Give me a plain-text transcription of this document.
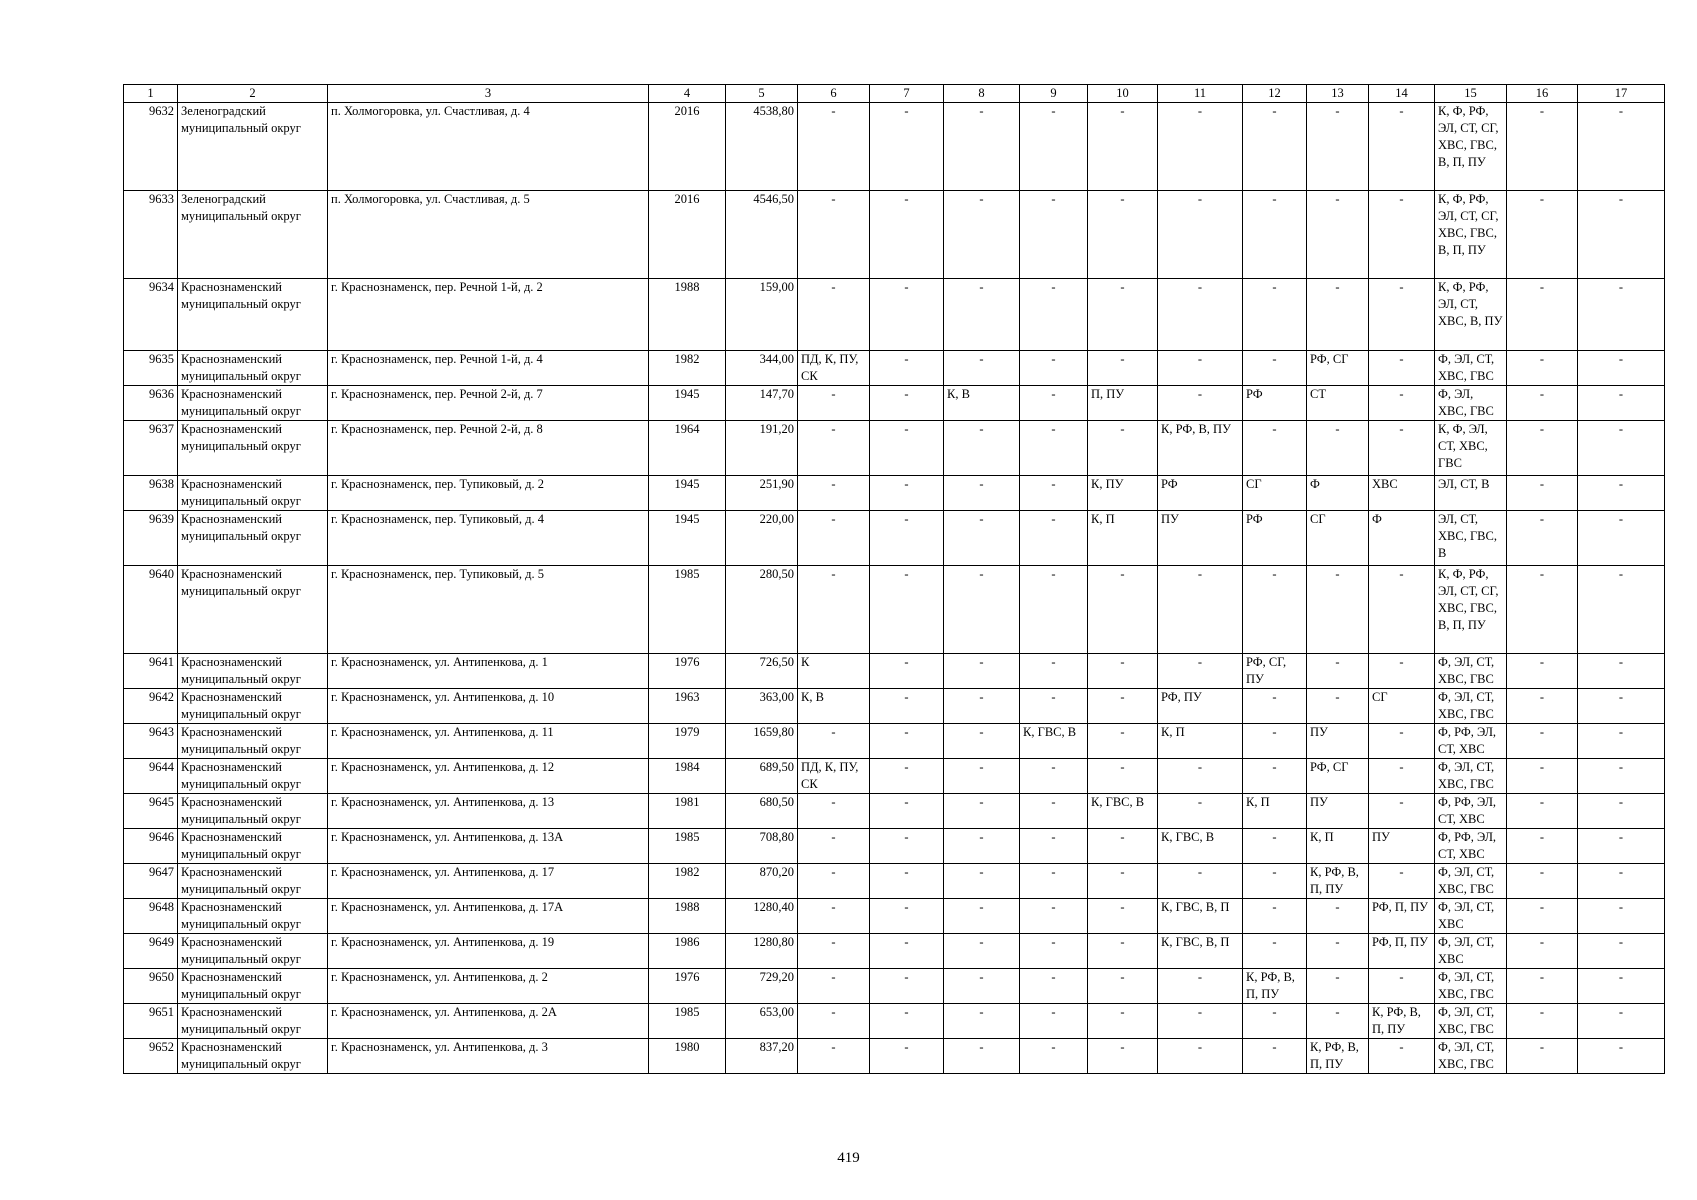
1	2	3	4	5	6	7	8	9	10	11	12	13	14	15	16	17
9632	Зеленоградский муниципальный округ	п. Холмогоровка, ул. Счастливая, д. 4	2016	4538,80	-	-	-	-	-	-	-	-	-	К, Ф, РФ, ЭЛ, СТ, СГ, ХВС, ГВС, В, П, ПУ	-	-
9633	Зеленоградский муниципальный округ	п. Холмогоровка, ул. Счастливая, д. 5	2016	4546,50	-	-	-	-	-	-	-	-	-	К, Ф, РФ, ЭЛ, СТ, СГ, ХВС, ГВС, В, П, ПУ	-	-
9634	Краснознаменский муниципальный округ	г. Краснознаменск, пер. Речной 1-й, д. 2	1988	159,00	-	-	-	-	-	-	-	-	-	К, Ф, РФ, ЭЛ, СТ, ХВС, В, ПУ	-	-
9635	Краснознаменский муниципальный округ	г. Краснознаменск, пер. Речной 1-й, д. 4	1982	344,00	ПД, К, ПУ, СК	-	-	-	-	-	-	РФ, СГ	-	Ф, ЭЛ, СТ, ХВС, ГВС	-	-
9636	Краснознаменский муниципальный округ	г. Краснознаменск, пер. Речной 2-й, д. 7	1945	147,70	-	-	К, В	-	П, ПУ	-	РФ	СТ	-	Ф, ЭЛ, ХВС, ГВС	-	-
9637	Краснознаменский муниципальный округ	г. Краснознаменск, пер. Речной 2-й, д. 8	1964	191,20	-	-	-	-	-	К, РФ, В, ПУ	-	-	-	К, Ф, ЭЛ, СТ, ХВС, ГВС	-	-
9638	Краснознаменский муниципальный округ	г. Краснознаменск, пер. Тупиковый, д. 2	1945	251,90	-	-	-	-	К, ПУ	РФ	СГ	Ф	ХВС	ЭЛ, СТ, В	-	-
9639	Краснознаменский муниципальный округ	г. Краснознаменск, пер. Тупиковый, д. 4	1945	220,00	-	-	-	-	К, П	ПУ	РФ	СГ	Ф	ЭЛ, СТ, ХВС, ГВС, В	-	-
9640	Краснознаменский муниципальный округ	г. Краснознаменск, пер. Тупиковый, д. 5	1985	280,50	-	-	-	-	-	-	-	-	-	К, Ф, РФ, ЭЛ, СТ, СГ, ХВС, ГВС, В, П, ПУ	-	-
9641	Краснознаменский муниципальный округ	г. Краснознаменск, ул. Антипенкова, д. 1	1976	726,50	К	-	-	-	-	-	РФ, СГ, ПУ	-	-	Ф, ЭЛ, СТ, ХВС, ГВС	-	-
9642	Краснознаменский муниципальный округ	г. Краснознаменск, ул. Антипенкова, д. 10	1963	363,00	К, В	-	-	-	-	РФ, ПУ	-	-	СГ	Ф, ЭЛ, СТ, ХВС, ГВС	-	-
9643	Краснознаменский муниципальный округ	г. Краснознаменск, ул. Антипенкова, д. 11	1979	1659,80	-	-	-	К, ГВС, В	-	К, П	-	ПУ	-	Ф, РФ, ЭЛ, СТ, ХВС	-	-
9644	Краснознаменский муниципальный округ	г. Краснознаменск, ул. Антипенкова, д. 12	1984	689,50	ПД, К, ПУ, СК	-	-	-	-	-	-	РФ, СГ	-	Ф, ЭЛ, СТ, ХВС, ГВС	-	-
9645	Краснознаменский муниципальный округ	г. Краснознаменск, ул. Антипенкова, д. 13	1981	680,50	-	-	-	-	К, ГВС, В	-	К, П	ПУ	-	Ф, РФ, ЭЛ, СТ, ХВС	-	-
9646	Краснознаменский муниципальный округ	г. Краснознаменск, ул. Антипенкова, д. 13А	1985	708,80	-	-	-	-	-	К, ГВС, В	-	К, П	ПУ	Ф, РФ, ЭЛ, СТ, ХВС	-	-
9647	Краснознаменский муниципальный округ	г. Краснознаменск, ул. Антипенкова, д. 17	1982	870,20	-	-	-	-	-	-	-	К, РФ, В, П, ПУ	-	Ф, ЭЛ, СТ, ХВС, ГВС	-	-
9648	Краснознаменский муниципальный округ	г. Краснознаменск, ул. Антипенкова, д. 17А	1988	1280,40	-	-	-	-	-	К, ГВС, В, П	-	-	РФ, П, ПУ	Ф, ЭЛ, СТ, ХВС	-	-
9649	Краснознаменский муниципальный округ	г. Краснознаменск, ул. Антипенкова, д. 19	1986	1280,80	-	-	-	-	-	К, ГВС, В, П	-	-	РФ, П, ПУ	Ф, ЭЛ, СТ, ХВС	-	-
9650	Краснознаменский муниципальный округ	г. Краснознаменск, ул. Антипенкова, д. 2	1976	729,20	-	-	-	-	-	-	К, РФ, В, П, ПУ	-	-	Ф, ЭЛ, СТ, ХВС, ГВС	-	-
9651	Краснознаменский муниципальный округ	г. Краснознаменск, ул. Антипенкова, д. 2А	1985	653,00	-	-	-	-	-	-	-	-	К, РФ, В, П, ПУ	Ф, ЭЛ, СТ, ХВС, ГВС	-	-
9652	Краснознаменский муниципальный округ	г. Краснознаменск, ул. Антипенкова, д. 3	1980	837,20	-	-	-	-	-	-	-	К, РФ, В, П, ПУ	-	Ф, ЭЛ, СТ, ХВС, ГВС	-	-
419
